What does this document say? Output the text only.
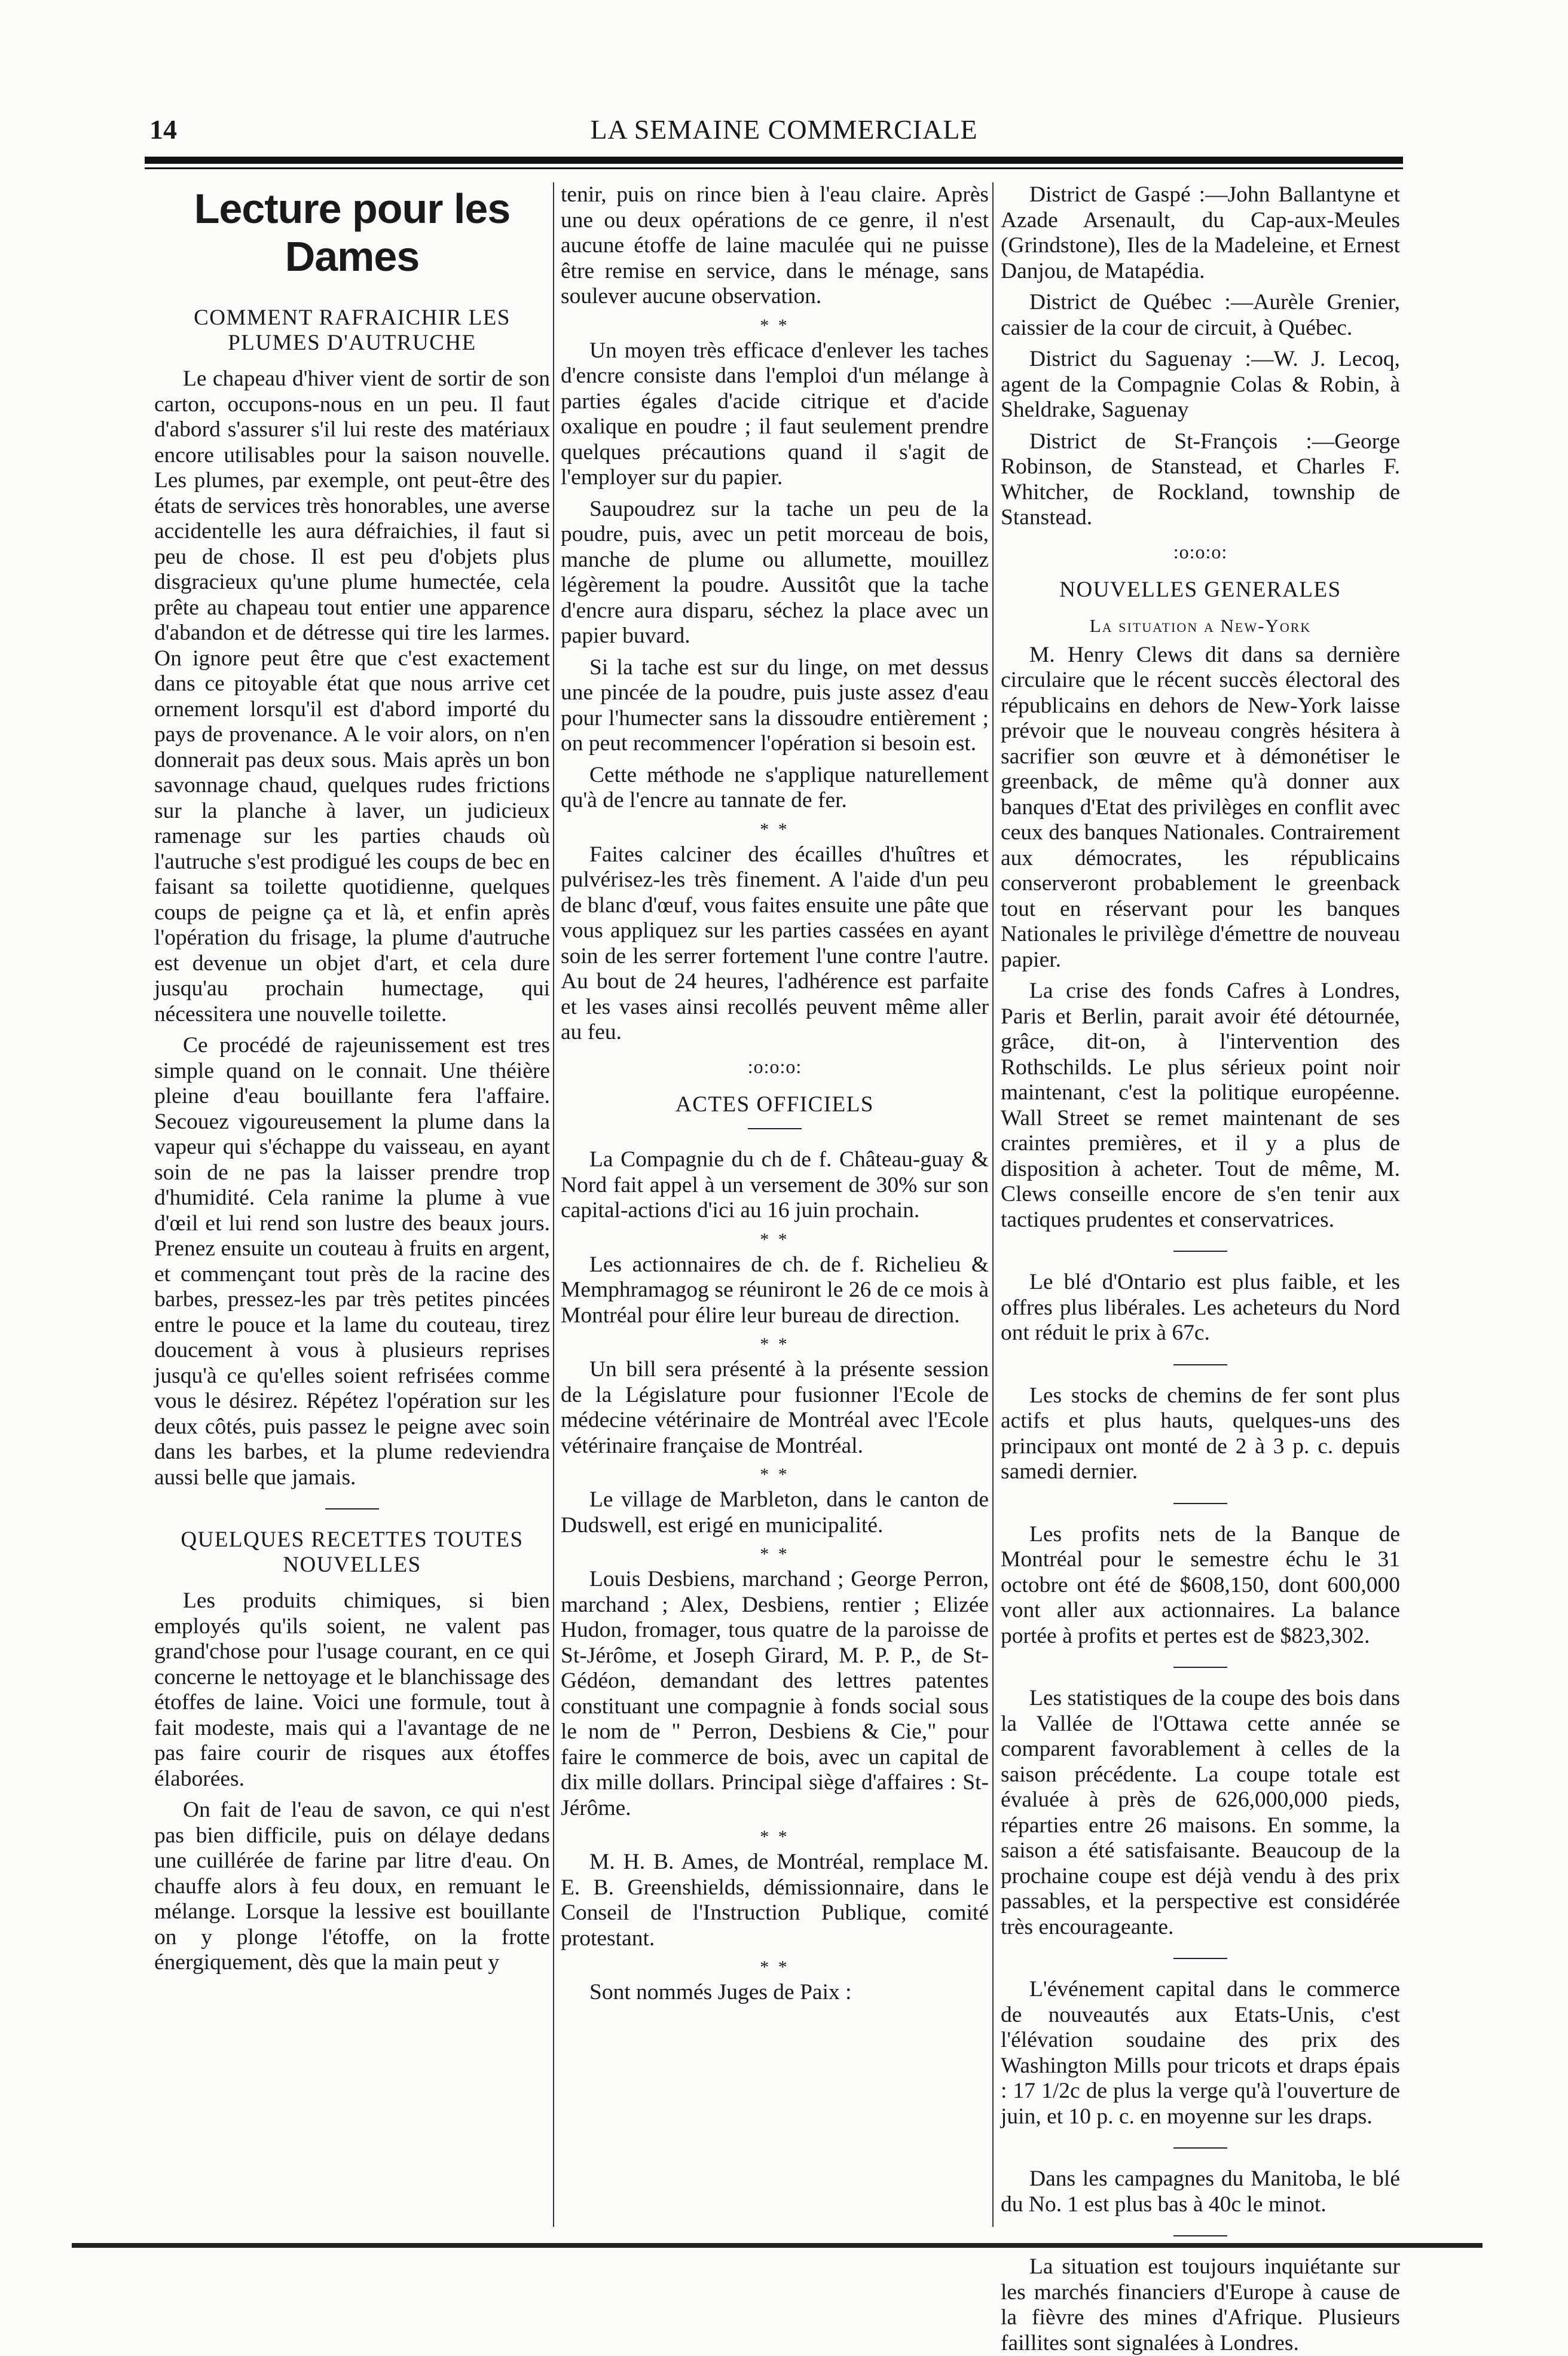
14	LA SEMAINE COMMERCIALE
Lecture pour les Dames
COMMENT RAFRAICHIR LES PLUMES D'AUTRUCHE

Le chapeau d'hiver vient de sortir de son carton, occupons-nous en un peu. Il faut d'abord s'assurer s'il lui reste des matériaux encore utilisables pour la saison nouvelle. Les plumes, par exemple, ont peut-être des états de services très honorables, une averse accidentelle les aura défraichies, il faut si peu de chose. Il est peu d'objets plus disgracieux qu'une plume humectée, cela prête au chapeau tout entier une apparence d'abandon et de détresse qui tire les larmes. On ignore peut être que c'est exactement dans ce pitoyable état que nous arrive cet ornement lorsqu'il est d'abord importé du pays de provenance. A le voir alors, on n'en donnerait pas deux sous. Mais après un bon savonnage chaud, quelques rudes frictions sur la planche à laver, un judicieux ramenage sur les parties chauds où l'autruche s'est prodigué les coups de bec en faisant sa toilette quotidienne, quelques coups de peigne ça et là, et enfin après l'opération du frisage, la plume d'autruche est devenue un objet d'art, et cela dure jusqu'au prochain humectage, qui nécessitera une nouvelle toilette.

Ce procédé de rajeunissement est tres simple quand on le connait. Une théière pleine d'eau bouillante fera l'affaire. Secouez vigoureusement la plume dans la vapeur qui s'échappe du vaisseau, en ayant soin de ne pas la laisser prendre trop d'humidité. Cela ranime la plume à vue d'œil et lui rend son lustre des beaux jours. Prenez ensuite un couteau à fruits en argent, et commençant tout près de la racine des barbes, pressez-les par très petites pincées entre le pouce et la lame du couteau, tirez doucement à vous à plusieurs reprises jusqu'à ce qu'elles soient refrisées comme vous le désirez. Répétez l'opération sur les deux côtés, puis passez le peigne avec soin dans les barbes, et la plume redeviendra aussi belle que jamais.

QUELQUES RECETTES TOUTES NOUVELLES

Les produits chimiques, si bien employés qu'ils soient, ne valent pas grand'chose pour l'usage courant, en ce qui concerne le nettoyage et le blanchissage des étoffes de laine. Voici une formule, tout à fait modeste, mais qui a l'avantage de ne pas faire courir de risques aux étoffes élaborées.

On fait de l'eau de savon, ce qui n'est pas bien difficile, puis on délaye dedans une cuillérée de farine par litre d'eau. On chauffe alors à feu doux, en remuant le mélange. Lorsque la lessive est bouillante on y plonge l'étoffe, on la frotte énergiquement, dès que la main peut y

tenir, puis on rince bien à l'eau claire. Après une ou deux opérations de ce genre, il n'est aucune étoffe de laine maculée qui ne puisse être remise en service, dans le ménage, sans soulever aucune observation.

* *

Un moyen très efficace d'enlever les taches d'encre consiste dans l'emploi d'un mélange à parties égales d'acide citrique et d'acide oxalique en poudre ; il faut seulement prendre quelques précautions quand il s'agit de l'employer sur du papier.

Saupoudrez sur la tache un peu de la poudre, puis, avec un petit morceau de bois, manche de plume ou allumette, mouillez légèrement la poudre. Aussitôt que la tache d'encre aura disparu, séchez la place avec un papier buvard.

Si la tache est sur du linge, on met dessus une pincée de la poudre, puis juste assez d'eau pour l'humecter sans la dissoudre entièrement ; on peut recommencer l'opération si besoin est.

Cette méthode ne s'applique naturellement qu'à de l'encre au tannate de fer.

* *

Faites calciner des écailles d'huîtres et pulvérisez-les très finement. A l'aide d'un peu de blanc d'œuf, vous faites ensuite une pâte que vous appliquez sur les parties cassées en ayant soin de les serrer fortement l'une contre l'autre. Au bout de 24 heures, l'adhérence est parfaite et les vases ainsi recollés peuvent même aller au feu.

:o:o:o:
ACTES OFFICIELS

La Compagnie du ch de f. Château-guay & Nord fait appel à un versement de 30% sur son capital-actions d'ici au 16 juin prochain.

* *

Les actionnaires de ch. de f. Richelieu & Memphramagog se réuniront le 26 de ce mois à Montréal pour élire leur bureau de direction.

* *

Un bill sera présenté à la présente session de la Législature pour fusionner l'Ecole de médecine vétérinaire de Montréal avec l'Ecole vétérinaire française de Montréal.

* *

Le village de Marbleton, dans le canton de Dudswell, est erigé en municipalité.

* *

Louis Desbiens, marchand ; George Perron, marchand ; Alex, Desbiens, rentier ; Elizée Hudon, fromager, tous quatre de la paroisse de St-Jérôme, et Joseph Girard, M. P. P., de St-Gédéon, demandant des lettres patentes constituant une compagnie à fonds social sous le nom de " Perron, Desbiens & Cie," pour faire le commerce de bois, avec un capital de dix mille dollars. Principal siège d'affaires : St-Jérôme.

* *

M. H. B. Ames, de Montréal, remplace M. E. B. Greenshields, démissionnaire, dans le Conseil de l'Instruction Publique, comité protestant.

* *

Sont nommés Juges de Paix :

District de Gaspé :—John Ballantyne et Azade Arsenault, du Cap-aux-Meules (Grindstone), Iles de la Madeleine, et Ernest Danjou, de Matapédia.

District de Québec :—Aurèle Grenier, caissier de la cour de circuit, à Québec.

District du Saguenay :—W. J. Lecoq, agent de la Compagnie Colas & Robin, à Sheldrake, Saguenay

District de St-François :—George Robinson, de Stanstead, et Charles F. Whitcher, de Rockland, township de Stanstead.

:o:o:o:
NOUVELLES GENERALES
La situation a New-York

M. Henry Clews dit dans sa dernière circulaire que le récent succès électoral des républicains en dehors de New-York laisse prévoir que le nouveau congrès hésitera à sacrifier son œuvre et à démonétiser le greenback, de même qu'à donner aux banques d'Etat des privilèges en conflit avec ceux des banques Nationales. Contrairement aux démocrates, les républicains conserveront probablement le greenback tout en réservant pour les banques Nationales le privilège d'émettre de nouveau papier.

La crise des fonds Cafres à Londres, Paris et Berlin, parait avoir été détournée, grâce, dit-on, à l'intervention des Rothschilds. Le plus sérieux point noir maintenant, c'est la politique européenne. Wall Street se remet maintenant de ses craintes premières, et il y a plus de disposition à acheter. Tout de même, M. Clews conseille encore de s'en tenir aux tactiques prudentes et conservatrices.

Le blé d'Ontario est plus faible, et les offres plus libérales. Les acheteurs du Nord ont réduit le prix à 67c.

Les stocks de chemins de fer sont plus actifs et plus hauts, quelques-uns des principaux ont monté de 2 à 3 p. c. depuis samedi dernier.

Les profits nets de la Banque de Montréal pour le semestre échu le 31 octobre ont été de $608,150, dont 600,000 vont aller aux actionnaires. La balance portée à profits et pertes est de $823,302.

Les statistiques de la coupe des bois dans la Vallée de l'Ottawa cette année se comparent favorablement à celles de la saison précédente. La coupe totale est évaluée à près de 626,000,000 pieds, réparties entre 26 maisons. En somme, la saison a été satisfaisante. Beaucoup de la prochaine coupe est déjà vendu à des prix passables, et la perspective est considérée très encourageante.

L'événement capital dans le commerce de nouveautés aux Etats-Unis, c'est l'élévation soudaine des prix des Washington Mills pour tricots et draps épais : 17 1/2c de plus la verge qu'à l'ouverture de juin, et 10 p. c. en moyenne sur les draps.

Dans les campagnes du Manitoba, le blé du No. 1 est plus bas à 40c le minot.

La situation est toujours inquiétante sur les marchés financiers d'Europe à cause de la fièvre des mines d'Afrique. Plusieurs faillites sont signalées à Londres.
